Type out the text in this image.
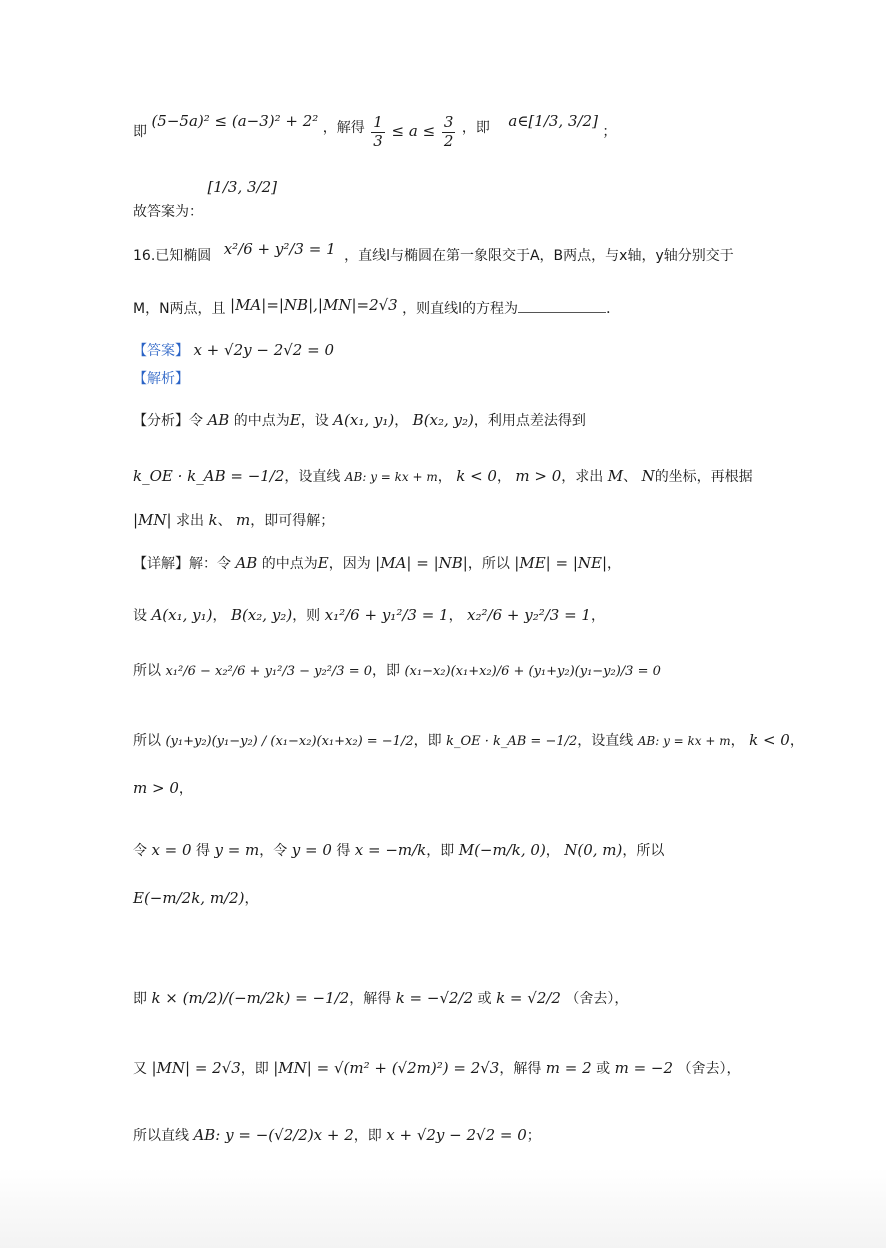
即 (5−5a)² ≤ (a−3)² + 2² ，解得 $\frac{1}{3} \le a \le \frac{3}{2}$ ，即 a∈[1/3, 3/2] ；
故答案为： [1/3, 3/2]
16.已知椭圆 x²/6 + y²/3 = 1 ，直线l与椭圆在第一象限交于A，B两点，与x轴，y轴分别交于
M，N两点，且 |MA|=|NB|,|MN|=2√3 ，则直线l的方程为	．
【答案】 x + √2y − 2√2 = 0
【解析】
【分析】令 AB 的中点为E，设 A(x₁, y₁)， B(x₂, y₂)，利用点差法得到
k_OE · k_AB = −1/2，设直线 AB: y = kx + m， k < 0， m > 0，求出 M、 N的坐标，再根据
|MN| 求出 k、 m，即可得解；
【详解】解：令 AB 的中点为E，因为 |MA| = |NB|，所以 |ME| = |NE|，
设 A(x₁, y₁)， B(x₂, y₂)，则 x₁²/6 + y₁²/3 = 1， x₂²/6 + y₂²/3 = 1，
所以 x₁²/6 − x₂²/6 + y₁²/3 − y₂²/3 = 0，即 (x₁−x₂)(x₁+x₂)/6 + (y₁+y₂)(y₁−y₂)/3 = 0
所以 (y₁+y₂)(y₁−y₂) / (x₁−x₂)(x₁+x₂) = −1/2，即 k_OE · k_AB = −1/2，设直线 AB: y = kx + m， k < 0，
m > 0，
令 x = 0 得 y = m，令 y = 0 得 x = −m/k，即 M(−m/k, 0)， N(0, m)，所以
E(−m/2k, m/2)，
即 k × (m/2)/(−m/2k) = −1/2，解得 k = −√2/2 或 k = √2/2 （舍去），
又 |MN| = 2√3，即 |MN| = √(m² + (√2m)²) = 2√3，解得 m = 2 或 m = −2 （舍去），
所以直线 AB: y = −(√2/2)x + 2，即 x + √2y − 2√2 = 0；
